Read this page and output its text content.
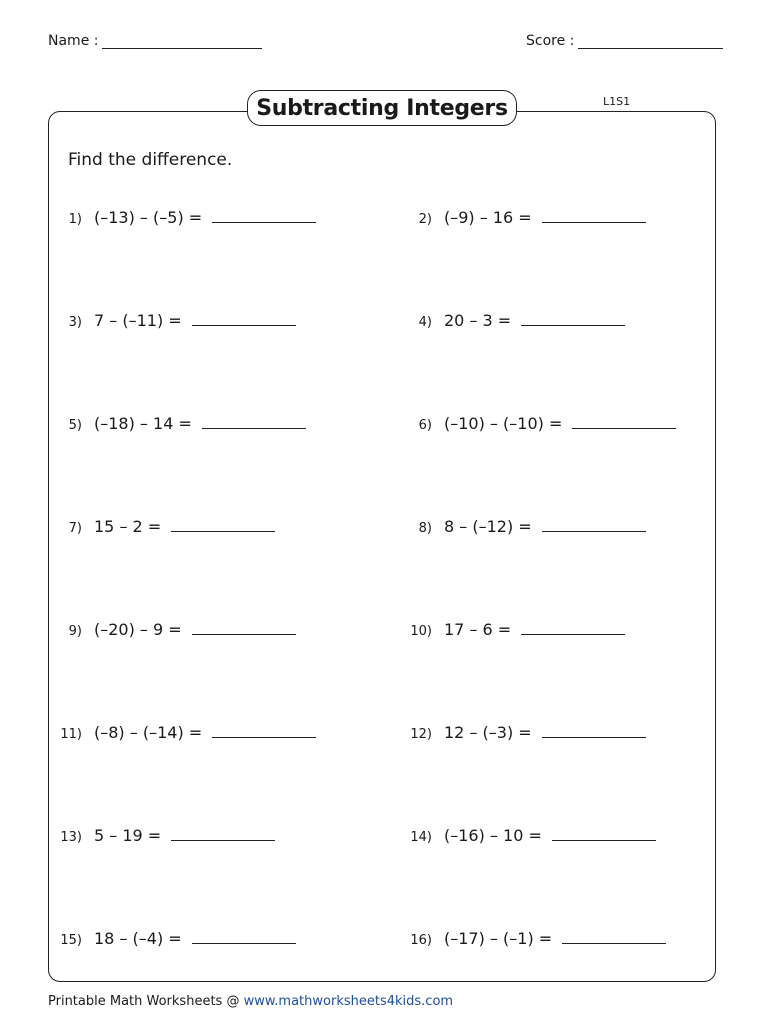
Name :	Score :
Subtracting Integers	L1S1
Find the difference.
1) (–13) – (–5) =	2) (–9) – 16 =
3) 7 – (–11) =	4) 20 – 3 =
5) (–18) – 14 =	6) (–10) – (–10) =
7) 15 – 2 =	8) 8 – (–12) =
9) (–20) – 9 =	10) 17 – 6 =
11) (–8) – (–14) =	12) 12 – (–3) =
13) 5 – 19 =	14) (–16) – 10 =
15) 18 – (–4) =	16) (–17) – (–1) =
Printable Math Worksheets @ www.mathworksheets4kids.com
